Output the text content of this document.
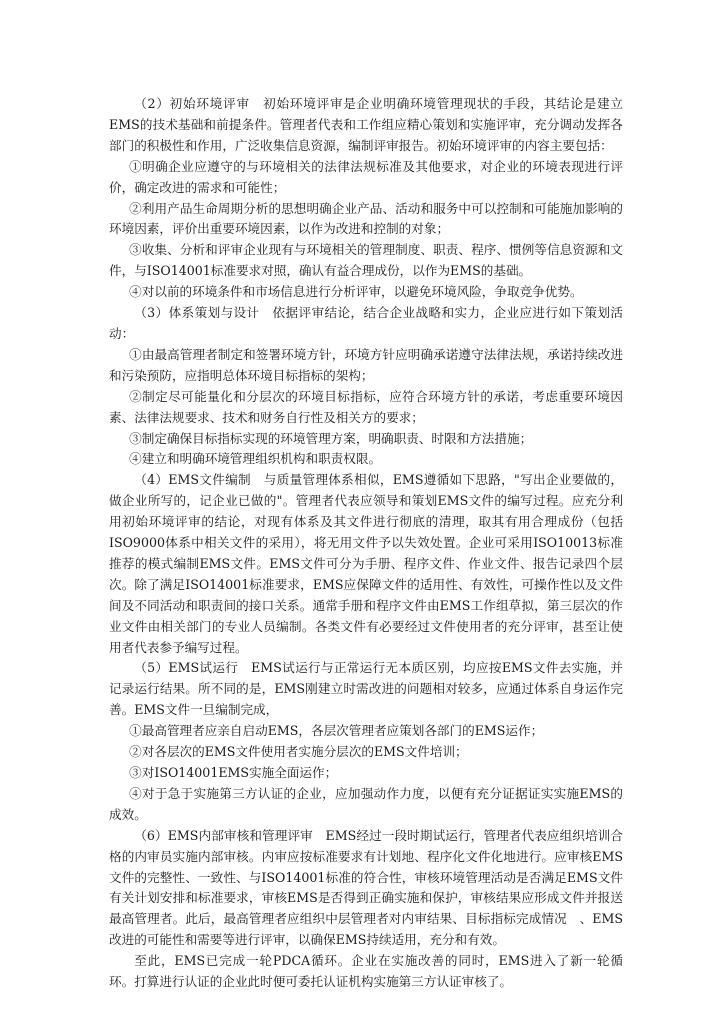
（2）初始环境评审　初始环境评审是企业明确环境管理现状的手段，其结论是建立EMS的技术基础和前提条件。管理者代表和工作组应精心策划和实施评审，充分调动发挥各部门的积极性和作用，广泛收集信息资源，编制评审报告。初始环境评审的内容主要包括：

①明确企业应遵守的与环境相关的法律法规标准及其他要求，对企业的环境表现进行评价，确定改进的需求和可能性；

②利用产品生命周期分析的思想明确企业产品、活动和服务中可以控制和可能施加影响的环境因素，评价出重要环境因素，以作为改进和控制的对象；

③收集、分析和评审企业现有与环境相关的管理制度、职责、程序、惯例等信息资源和文件，与ISO14001标准要求对照，确认有益合理成份，以作为EMS的基础。

④对以前的环境条件和市场信息进行分析评审，以避免环境风险，争取竞争优势。

（3）体系策划与设计　依据评审结论，结合企业战略和实力，企业应进行如下策划活动：

①由最高管理者制定和签署环境方针，环境方针应明确承诺遵守法律法规，承诺持续改进和污染预防，应指明总体环境目标指标的架构；

②制定尽可能量化和分层次的环境目标指标，应符合环境方针的承诺，考虑重要环境因素、法律法规要求、技术和财务自行性及相关方的要求；

③制定确保目标指标实现的环境管理方案，明确职责、时限和方法措施；

④建立和明确环境管理组织机构和职责权限。

（4）EMS文件编制　与质量管理体系相似，EMS遵循如下思路，"写出企业要做的，做企业所写的，记企业已做的"。管理者代表应领导和策划EMS文件的编写过程。应充分利用初始环境评审的结论，对现有体系及其文件进行彻底的清理，取其有用合理成份（包括ISO9000体系中相关文件的采用），将无用文件予以失效处置。企业可采用ISO10013标准推荐的模式编制EMS文件。EMS文件可分为手册、程序文件、作业文件、报告记录四个层次。除了满足ISO14001标准要求，EMS应保障文件的适用性、有效性，可操作性以及文件间及不同活动和职责间的接口关系。通常手册和程序文件由EMS工作组草拟，第三层次的作业文件由相关部门的专业人员编制。各类文件有必要经过文件使用者的充分评审，甚至让使用者代表参予编写过程。

（5）EMS试运行　EMS试运行与正常运行无本质区别，均应按EMS文件去实施，并记录运行结果。所不同的是，EMS刚建立时需改进的问题相对较多，应通过体系自身运作完善。EMS文件一旦编制完成，

①最高管理者应亲自启动EMS，各层次管理者应策划各部门的EMS运作；

②对各层次的EMS文件使用者实施分层次的EMS文件培训；

③对ISO14001EMS实施全面运作；

④对于急于实施第三方认证的企业，应加强动作力度，以便有充分证据证实实施EMS的成效。

（6）EMS内部审核和管理评审　EMS经过一段时期试运行，管理者代表应组织培训合格的内审员实施内部审核。内审应按标准要求有计划地、程序化文件化地进行。应审核EMS文件的完整性、一致性、与ISO14001标准的符合性，审核环境管理活动是否满足EMS文件有关计划安排和标准要求，审核EMS是否得到正确实施和保护，审核结果应形成文件并报送最高管理者。此后，最高管理者应组织中层管理者对内审结果、目标指标完成情况　、EMS改进的可能性和需要等进行评审，以确保EMS持续适用，充分和有效。

至此，EMS已完成一轮PDCA循环。企业在实施改善的同时，EMS进入了新一轮循环。打算进行认证的企业此时便可委托认证机构实施第三方认证审核了。
